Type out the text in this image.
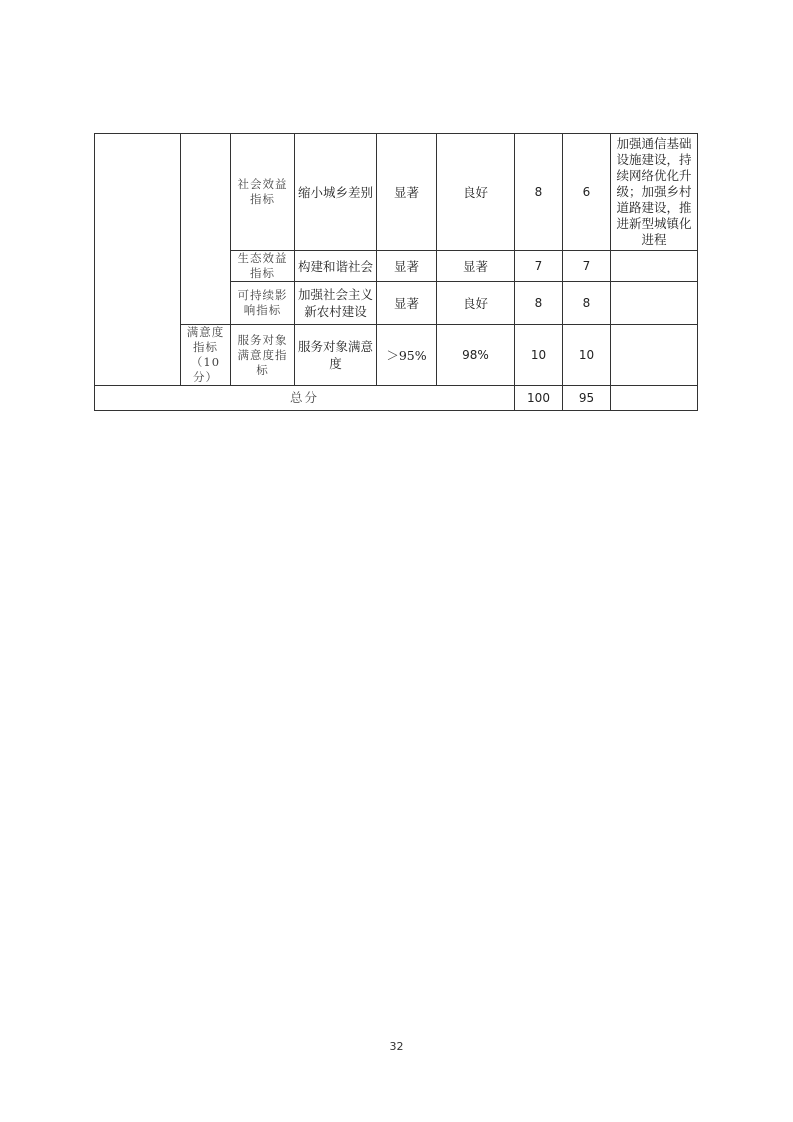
		社会效益指标	缩小城乡差别	显著	良好	8	6	加强通信基础设施建设，持续网络优化升级；加强乡村道路建设，推进新型城镇化进程
		生态效益指标	构建和谐社会	显著	显著	7	7	
		可持续影响指标	加强社会主义新农村建设	显著	良好	8	8	
	满意度指标（10分）	服务对象满意度指标	服务对象满意度	＞95%	98%	10	10	
总分						100	95	
32
